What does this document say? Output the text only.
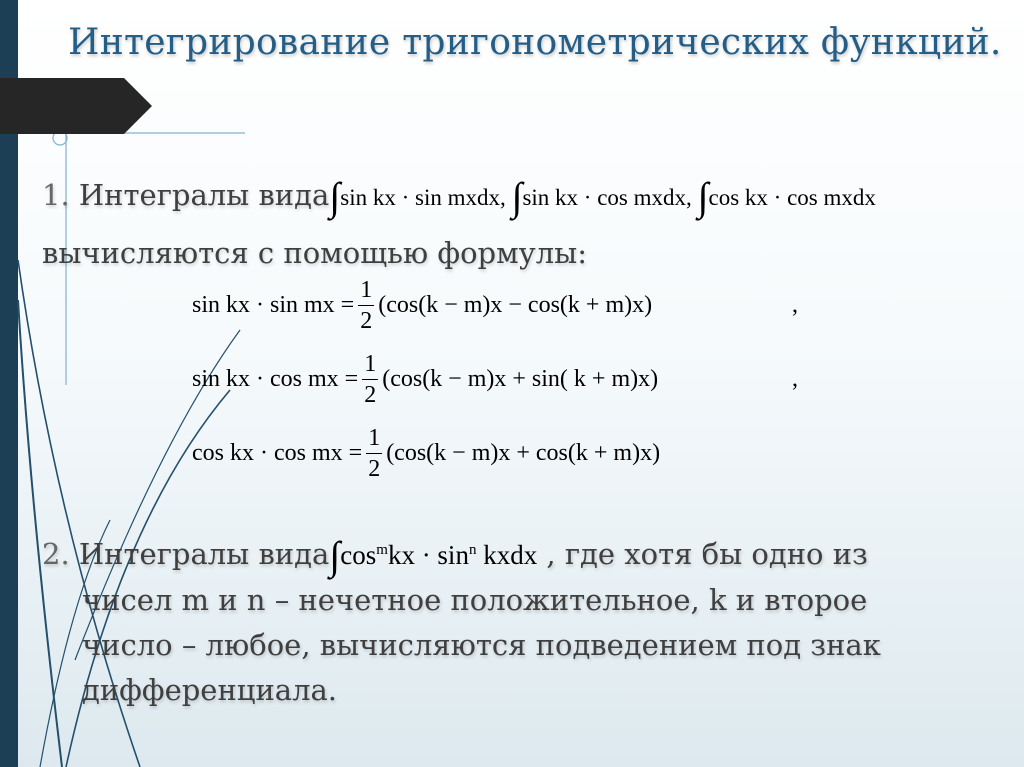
Интегрирование тригонометрических функций.
1. Интегралы вида∫sin kx · sin mxdx, ∫sin kx · cos mxdx, ∫cos kx · cos mxdx
вычисляются с помощью формулы:
sin kx · sin mx = $\frac{1}{2} (\cos(k - m)x - \cos(k + m)x)$	,
sin kx · cos mx = $\frac{1}{2} (\cos(k - m)x + \sin$( k + m)x)	,
cos kx · cos mx = $\frac{1}{2} (\cos(k - m)x + \cos(k + m)x)$
2. Интегралы $вида\int\cos^mkx \cdot \sin^n$ kxdx , где хотя бы одно из
чисел m и n – нечетное положительное, k и второе
число – любое, вычисляются подведением под знак
дифференциала.
